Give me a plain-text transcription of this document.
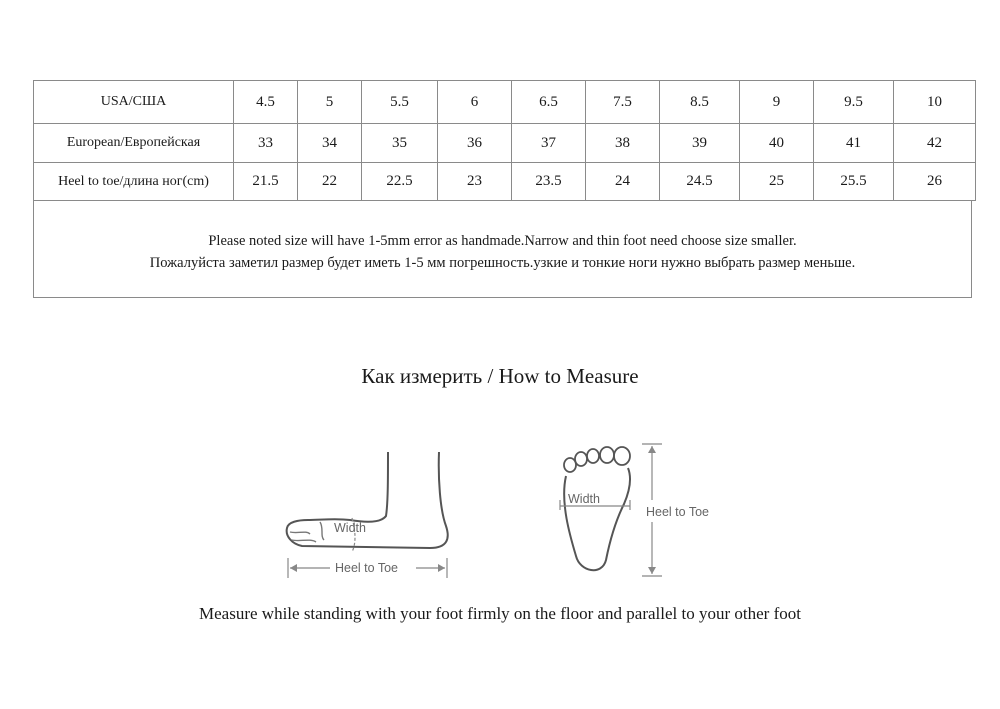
USA/США	4.5	5	5.5	6	6.5	7.5	8.5	9	9.5	10
European/Европейская	33	34	35	36	37	38	39	40	41	42
Heel to toe/длина ног(cm)	21.5	22	22.5	23	23.5	24	24.5	25	25.5	26
Please noted size will have 1-5mm error as handmade.Narrow and thin foot need choose size smaller.
Пожалуйста заметил размер будет иметь 1-5 мм погрешность.узкие и тонкие ноги нужно выбрать размер меньше.
Как измерить / How to Measure
Width
Heel to Toe
Width
Heel to Toe
Measure while standing with your foot firmly on the floor and parallel to your other foot
